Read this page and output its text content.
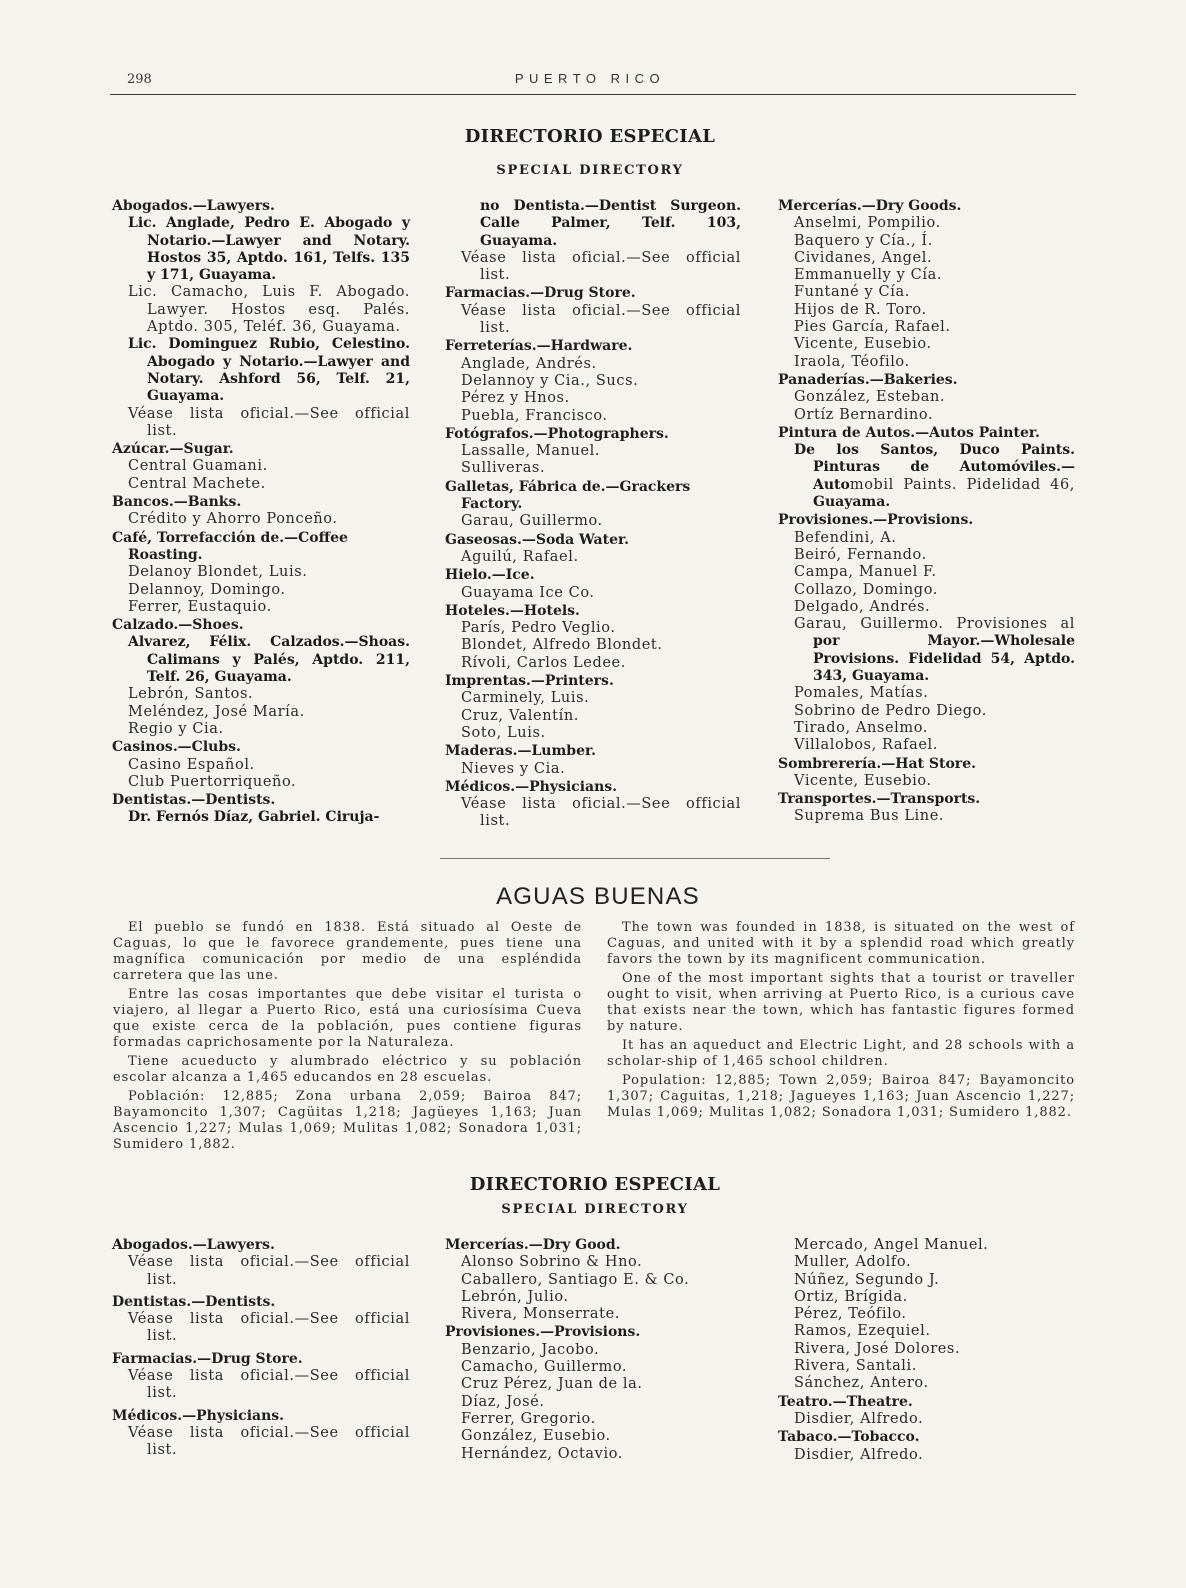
298	PUERTO RICO
DIRECTORIO ESPECIAL
SPECIAL DIRECTORY
Abogados.—Lawyers.
Lic. Anglade, Pedro E. Abogado y Notario.—Lawyer and Notary. Hostos 35, Aptdo. 161, Telfs. 135 y 171, Guayama.
Lic. Camacho, Luis F. Abogado. Lawyer. Hostos esq. Palés. Aptdo. 305, Teléf. 36, Guayama.
Lic. Dominguez Rubio, Celestino. Abogado y Notario.—Lawyer and Notary. Ashford 56, Telf. 21, Guayama.
Véase lista oficial.—See official list.
Azúcar.—Sugar.
Central Guamani.
Central Machete.
Bancos.—Banks.
Crédito y Ahorro Ponceño.
Café, Torrefacción de.—Coffee Roasting.
Delanoy Blondet, Luis.
Delannoy, Domingo.
Ferrer, Eustaquio.
Calzado.—Shoes.
Alvarez, Félix. Calzados.—Shoas. Calimans y Palés, Aptdo. 211, Telf. 26, Guayama.
Lebrón, Santos.
Meléndez, José María.
Regio y Cia.
Casinos.—Clubs.
Casino Español.
Club Puertorriqueño.
Dentistas.—Dentists.
Dr. Fernós Díaz, Gabriel. Ciruja-
no Dentista.—Dentist Surgeon. Calle Palmer, Telf. 103, Guayama.
Véase lista oficial.—See official list.
Farmacias.—Drug Store.
Véase lista oficial.—See official list.
Ferreterías.—Hardware.
Anglade, Andrés.
Delannoy y Cia., Sucs.
Pérez y Hnos.
Puebla, Francisco.
Fotógrafos.—Photographers.
Lassalle, Manuel.
Sulliveras.
Galletas, Fábrica de.—Grackers Factory.
Garau, Guillermo.
Gaseosas.—Soda Water.
Aguilú, Rafael.
Hielo.—Ice.
Guayama Ice Co.
Hoteles.—Hotels.
París, Pedro Veglio.
Blondet, Alfredo Blondet.
Rívoli, Carlos Ledee.
Imprentas.—Printers.
Carminely, Luis.
Cruz, Valentín.
Soto, Luis.
Maderas.—Lumber.
Nieves y Cia.
Médicos.—Physicians.
Véase lista oficial.—See official list.
Mercerías.—Dry Goods.
Anselmi, Pompilio.
Baquero y Cía., Í.
Cividanes, Angel.
Emmanuelly y Cía.
Funtané y Cía.
Hijos de R. Toro.
Pies García, Rafael.
Vicente, Eusebio.
Iraola, Téofilo.
Panaderías.—Bakeries.
González, Esteban.
Ortíz Bernardino.
Pintura de Autos.—Autos Painter.
De los Santos, Duco Paints. Pinturas de Automóviles.—Automobil Paints. Pidelidad 46, Guayama.
Provisiones.—Provisions.
Befendini, A.
Beiró, Fernando.
Campa, Manuel F.
Collazo, Domingo.
Delgado, Andrés.
Garau, Guillermo. Provisiones al por Mayor.—Wholesale Provisions. Fidelidad 54, Aptdo. 343, Guayama.
Pomales, Matías.
Sobrino de Pedro Diego.
Tirado, Anselmo.
Villalobos, Rafael.
Sombrerería.—Hat Store.
Vicente, Eusebio.
Transportes.—Transports.
Suprema Bus Line.
AGUAS BUENAS

El pueblo se fundó en 1838. Está situado al Oeste de Caguas, lo que le favorece grandemente, pues tiene una magnífica comunicación por medio de una espléndida carretera que las une.

Entre las cosas importantes que debe visitar el turista o viajero, al llegar a Puerto Rico, está una curiosísima Cueva que existe cerca de la población, pues contiene figuras formadas caprichosamente por la Naturaleza.

Tiene acueducto y alumbrado eléctrico y su población escolar alcanza a 1,465 educandos en 28 escuelas.

Población: 12,885; Zona urbana 2,059; Bairoa 847; Bayamoncito 1,307; Cagüitas 1,218; Jagüeyes 1,163; Juan Ascencio 1,227; Mulas 1,069; Mulitas 1,082; Sonadora 1,031; Sumidero 1,882.

The town was founded in 1838, is situated on the west of Caguas, and united with it by a splendid road which greatly favors the town by its magnificent communication.

One of the most important sights that a tourist or traveller ought to visit, when arriving at Puerto Rico, is a curious cave that exists near the town, which has fantastic figures formed by nature.

It has an aqueduct and Electric Light, and 28 schools with a scholar-ship of 1,465 school children.

Population: 12,885; Town 2,059; Bairoa 847; Bayamoncito 1,307; Caguitas, 1,218; Jagueyes 1,163; Juan Ascencio 1,227; Mulas 1,069; Mulitas 1,082; Sonadora 1,031; Sumidero 1,882.

DIRECTORIO ESPECIAL
SPECIAL DIRECTORY
Abogados.—Lawyers.
Véase lista oficial.—See official list.
Dentistas.—Dentists.
Véase lista oficial.—See official list.
Farmacias.—Drug Store.
Véase lista oficial.—See official list.
Médicos.—Physicians.
Véase lista oficial.—See official list.
Mercerías.—Dry Good.
Alonso Sobrino & Hno.
Caballero, Santiago E. & Co.
Lebrón, Julio.
Rivera, Monserrate.
Provisiones.—Provisions.
Benzario, Jacobo.
Camacho, Guillermo.
Cruz Pérez, Juan de la.
Díaz, José.
Ferrer, Gregorio.
González, Eusebio.
Hernández, Octavio.
Mercado, Angel Manuel.
Muller, Adolfo.
Núñez, Segundo J.
Ortiz, Brígida.
Pérez, Teófilo.
Ramos, Ezequiel.
Rivera, José Dolores.
Rivera, Santali.
Sánchez, Antero.
Teatro.—Theatre.
Disdier, Alfredo.
Tabaco.—Tobacco.
Disdier, Alfredo.
